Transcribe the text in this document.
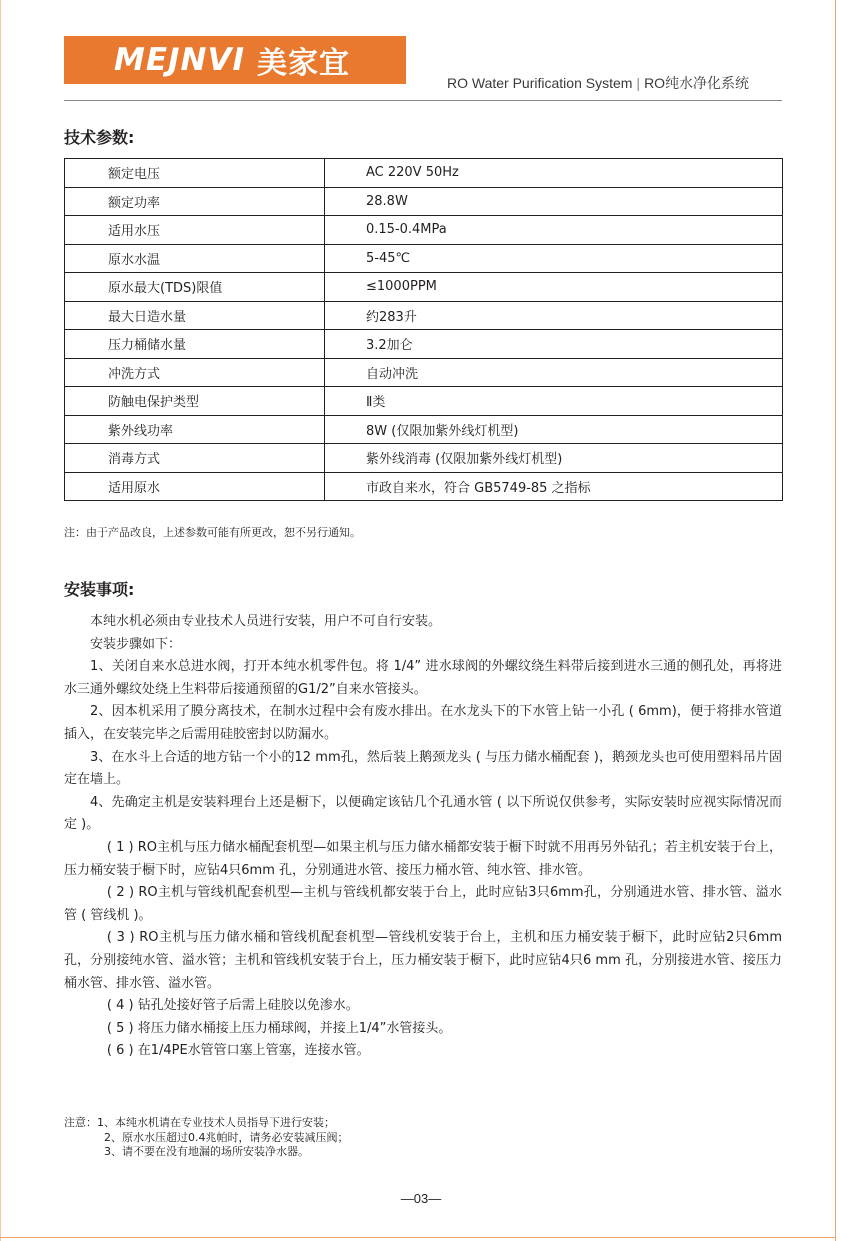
MEJNVI 美家宜
RO Water Purification System | RO纯水净化系统
技术参数:
额定电压	AC 220V 50Hz
额定功率	28.8W
适用水压	0.15-0.4MPa
原水水温	5-45℃
原水最大(TDS)限值	≤1000PPM
最大日造水量	约283升
压力桶储水量	3.2加仑
冲洗方式	自动冲洗
防触电保护类型	Ⅱ类
紫外线功率	8W (仅限加紫外线灯机型)
消毒方式	紫外线消毒 (仅限加紫外线灯机型)
适用原水	市政自来水，符合 GB5749-85 之指标
注：由于产品改良，上述参数可能有所更改，恕不另行通知。
安装事项:

本纯水机必须由专业技术人员进行安装，用户不可自行安装。

安装步骤如下：

1、关闭自来水总进水阀，打开本纯水机零件包。将 1/4” 进水球阀的外螺纹绕生料带后接到进水三通的侧孔处，再将进水三通外螺纹处绕上生料带后接通预留的G1/2”自来水管接头。

2、因本机采用了膜分离技术，在制水过程中会有废水排出。在水龙头下的下水管上钻一小孔 ( 6mm)，便于将排水管道插入，在安装完毕之后需用硅胶密封以防漏水。

3、在水斗上合适的地方钻一个小的12 mm孔，然后装上鹅颈龙头 ( 与压力储水桶配套 )，鹅颈龙头也可使用塑料吊片固定在墙上。

4、先确定主机是安装料理台上还是橱下，以便确定该钻几个孔通水管 ( 以下所说仅供参考，实际安装时应视实际情况而定 )。

( 1 ) RO主机与压力储水桶配套机型—如果主机与压力储水桶都安装于橱下时就不用再另外钻孔；若主机安装于台上，压力桶安装于橱下时，应钻4只6mm 孔，分别通进水管、接压力桶水管、纯水管、排水管。

( 2 ) RO主机与管线机配套机型—主机与管线机都安装于台上，此时应钻3只6mm孔，分别通进水管、排水管、溢水管 ( 管线机 )。

( 3 ) RO主机与压力储水桶和管线机配套机型—管线机安装于台上，主机和压力桶安装于橱下，此时应钻2只6mm孔，分别接纯水管、溢水管；主机和管线机安装于台上，压力桶安装于橱下，此时应钻4只6 mm 孔，分别接进水管、接压力桶水管、排水管、溢水管。

( 4 ) 钻孔处接好管子后需上硅胶以免渗水。

( 5 ) 将压力储水桶接上压力桶球阀，并接上1/4”水管接头。

( 6 ) 在1/4PE水管管口塞上管塞，连接水管。

注意：1、本纯水机请在专业技术人员指导下进行安装；
2、原水水压超过0.4兆帕时，请务必安装减压阀；
3、请不要在没有地漏的场所安装净水器。
—03—
